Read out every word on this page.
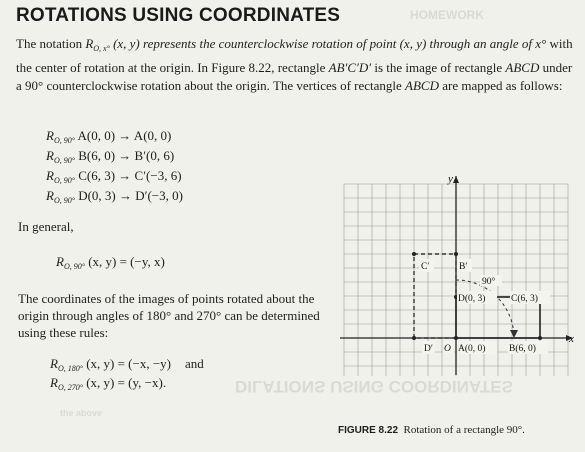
HOMEWORK
DILATIONS USING COORDINATES
the above
ROTATIONS USING COORDINATES

The notation $R_{O, x^\circ}$ (x, y) represents the counterclockwise rotation of point (x, y) through an angle of x° with the center of rotation at the origin. In Figure 8.22, rectangle AB′C′D′ is the image of rectangle ABCD under a 90° counterclockwise rotation about the origin. The vertices of rectangle ABCD are mapped as follows:

$R_{O, 90^\circ}$ A(0, 0) → A(0, 0)
$R_{O, 90^\circ}$ B(6, 0) → B′(0, 6)
$R_{O, 90^\circ}$ C(6, 3) → C′(−3, 6)
$R_{O, 90^\circ}$ D(0, 3) → D′(−3, 0)
In general,
$R_{O, 90^\circ}$ (x, y) = (−y, x)

The coordinates of the images of points rotated about the origin through angles of 180° and 270° can be determined using these rules:

$R_{O, 180^\circ}$ (x, y) = (−x, −y) and
$R_{O, 270^\circ}$ (x, y) = (y, −x).
y
x
C′	B′
90°
D(0, 3)	C(6, 3)
D′ O A(0, 0) B(6, 0)
FIGURE 8.22 Rotation of a rectangle 90°.
